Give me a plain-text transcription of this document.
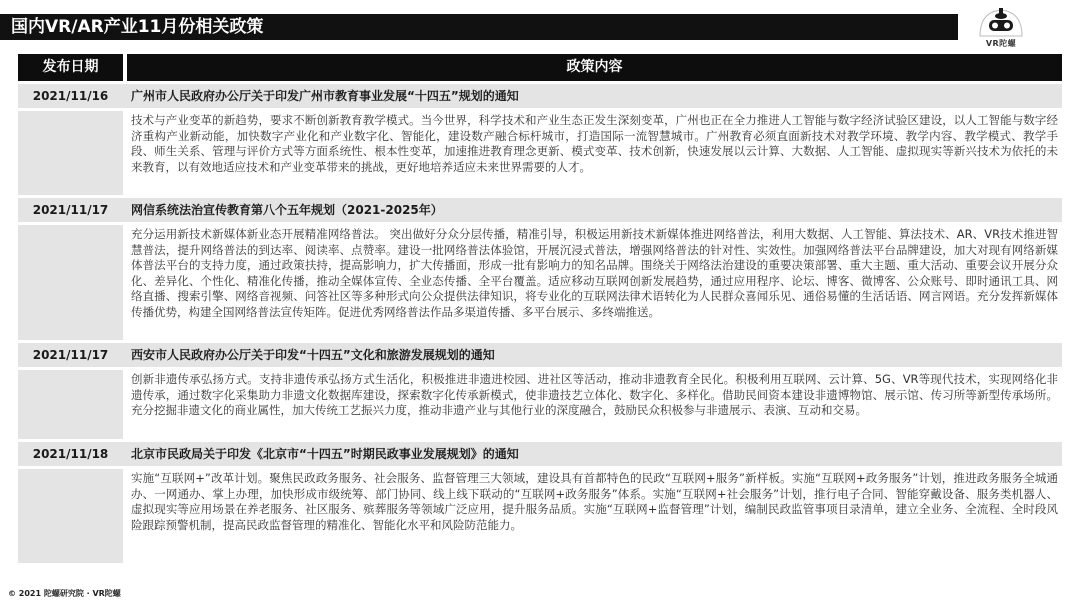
国内VR/AR产业11月份相关政策
VR陀螺
发布日期	政策内容
2021/11/16	广州市人民政府办公厅关于印发广州市教育事业发展“十四五”规划的通知
技术与产业变革的新趋势，要求不断创新教育教学模式。当今世界，科学技术和产业生态正发生深刻变革，广州也正在全力推进人工智能与数字经济试验区建设，以人工智能与数字经济重构产业新动能，加快数字产业化和产业数字化、智能化，建设数产融合标杆城市，打造国际一流智慧城市。广州教育必须直面新技术对教学环境、教学内容、教学模式、教学手段、师生关系、管理与评价方式等方面系统性、根本性变革，加速推进教育理念更新、模式变革、技术创新，快速发展以云计算、大数据、人工智能、虚拟现实等新兴技术为依托的未来教育，以有效地适应技术和产业变革带来的挑战，更好地培养适应未来世界需要的人才。
2021/11/17	网信系统法治宣传教育第八个五年规划（2021-2025年）
充分运用新技术新媒体新业态开展精准网络普法。 突出做好分众分层传播，精准引导，积极运用新技术新媒体推进网络普法，利用大数据、人工智能、算法技术、AR、VR技术推进智慧普法，提升网络普法的到达率、阅读率、点赞率。建设一批网络普法体验馆，开展沉浸式普法，增强网络普法的针对性、实效性。加强网络普法平台品牌建设，加大对现有网络新媒体普法平台的支持力度，通过政策扶持，提高影响力，扩大传播面，形成一批有影响力的知名品牌。围绕关于网络法治建设的重要决策部署、重大主题、重大活动、重要会议开展分众化、差异化、个性化、精准化传播，推动全媒体宣传、全业态传播、全平台覆盖。适应移动互联网创新发展趋势，通过应用程序、论坛、博客、微博客、公众账号、即时通讯工具、网络直播、搜索引擎、网络音视频、问答社区等多种形式向公众提供法律知识，将专业化的互联网法律术语转化为人民群众喜闻乐见、通俗易懂的生活话语、网言网语。充分发挥新媒体传播优势，构建全国网络普法宣传矩阵。促进优秀网络普法作品多渠道传播、多平台展示、多终端推送。
2021/11/17	西安市人民政府办公厅关于印发“十四五”文化和旅游发展规划的通知
创新非遗传承弘扬方式。支持非遗传承弘扬方式生活化，积极推进非遗进校园、进社区等活动，推动非遗教育全民化。积极利用互联网、云计算、5G、VR等现代技术，实现网络化非遗传承，通过数字化采集助力非遗文化数据库建设，探索数字化传承新模式，使非遗技艺立体化、数字化、多样化。借助民间资本建设非遗博物馆、展示馆、传习所等新型传承场所。充分挖掘非遗文化的商业属性，加大传统工艺振兴力度，推动非遗产业与其他行业的深度融合，鼓励民众积极参与非遗展示、表演、互动和交易。
2021/11/18	北京市民政局关于印发《北京市“十四五”时期民政事业发展规划》的通知
实施“互联网+”改革计划。聚焦民政政务服务、社会服务、监督管理三大领域，建设具有首都特色的民政“互联网+服务”新样板。实施“互联网+政务服务”计划，推进政务服务全城通办、一网通办、掌上办理，加快形成市级统筹、部门协同、线上线下联动的“互联网+政务服务”体系。实施“互联网+社会服务”计划，推行电子合同、智能穿戴设备、服务类机器人、虚拟现实等应用场景在养老服务、社区服务、殡葬服务等领域广泛应用，提升服务品质。实施“互联网+监督管理”计划，编制民政监管事项目录清单，建立全业务、全流程、全时段风险跟踪预警机制，提高民政监督管理的精准化、智能化水平和风险防范能力。
© 2021 陀螺研究院 · VR陀螺
